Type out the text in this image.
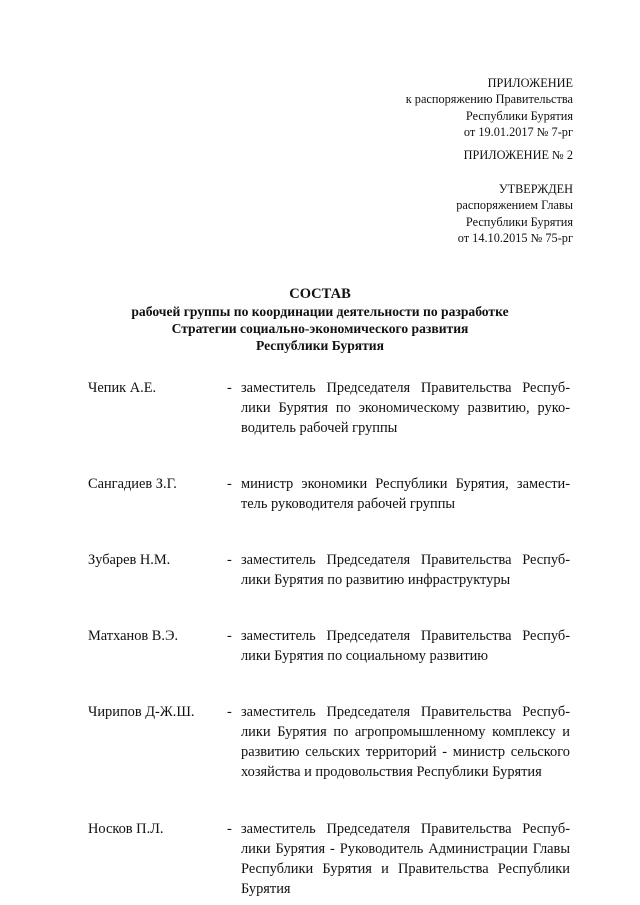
ПРИЛОЖЕНИЕ
к распоряжению Правительства
Республики Бурятия
от 19.01.2017 № 7-рг
ПРИЛОЖЕНИЕ № 2
УТВЕРЖДЕН
распоряжением Главы
Республики Бурятия
от 14.10.2015 № 75-рг
СОСТАВ
рабочей группы по координации деятельности по разработке
Стратегии социально-экономического развития
Республики Бурятия
Чепик А.Е.	- заместитель Председателя Правительства Республики Бурятия по экономическому развитию, руководитель рабочей группы
Сангадиев З.Г.	- министр экономики Республики Бурятия, заместитель руководителя рабочей группы
Зубарев Н.М.	- заместитель Председателя Правительства Республики Бурятия по развитию инфраструктуры
Матханов В.Э.	- заместитель Председателя Правительства Республики Бурятия по социальному развитию
Чирипов Д-Ж.Ш.	- заместитель Председателя Правительства Республики Бурятия по агропромышленному комплексу и развитию сельских территорий - министр сельского хозяйства и продовольствия Республики Бурятия
Носков П.Л.	- заместитель Председателя Правительства Республики Бурятия - Руководитель Администрации Главы Республики Бурятия и Правительства Республики Бурятия
